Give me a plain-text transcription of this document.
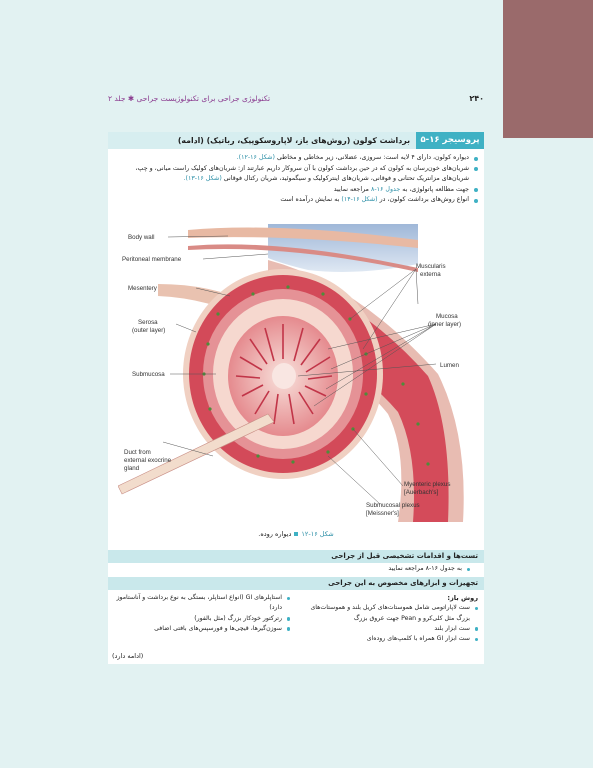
۲۴۰
تکنولوژی جراحی برای تکنولوژیست جراحی ✱ جلد ۲
پروسیجر ۱۶-۵
برداشت کولون (روش‌های باز، لاپاروسکوپیک، رباتیک) (ادامه)
دیواره کولون، دارای ۴ لایه است: سروزی، عضلانی، زیر مخاطی و مخاطی (شکل ۱۶-۱۲).
شریان‌های خون‌رسان به کولون که در حین برداشت کولون با آن سروکار داریم عبارتند از: شریان‌های کولیک راست میانی، و چپ، شریان‌های مزانتریک تحتانی و فوقانی، شریان‌های اینترکولیک و سیگموئید، شریان رکتال فوقانی (شکل ۱۶-۱۳).
جهت مطالعه پاتولوژی، به جدول ۱۶-۸ مراجعه نمایید
انواع روش‌های برداشت کولون، در (شکل ۱۶-۱۴) به نمایش درآمده است
Body wall
Peritoneal membrane
Mesentery
Serosa
(outer layer)
Submucosa
Duct from
external exocrine
gland
Muscularis
externa
Mucosa
(inner layer)
Lumen
Myenteric plexus
[Auerbach's]
Submucosal plexus
[Meissner's]
شکل ۱۶-۱۲دیواره روده.
تست‌ها و اقدامات تشخیصی قبل از جراحی
به جدول ۱۶-۸ مراجعه نمایید
تجهیزات و ابزارهای مخصوص به این جراحی
روش باز:
ست لاپاراتومی شامل هموستات‌های کریل بلند و هموستات‌های بزرگ مثل کلی‌کرو و Pean جهت عروق بزرگ
ست ابزار بلند
ست ابزار GI همراه با کلمپ‌های روده‌ای
استاپلرهای GI (انواع استاپلر، بستگی به نوع برداشت و آناستاموز دارد)
رترکتور خودکار بزرگ (مثل بالفور)
سوزن‌گیرها، قیچی‌ها و فورسپس‌های بافتی اضافی
(ادامه دارد)
